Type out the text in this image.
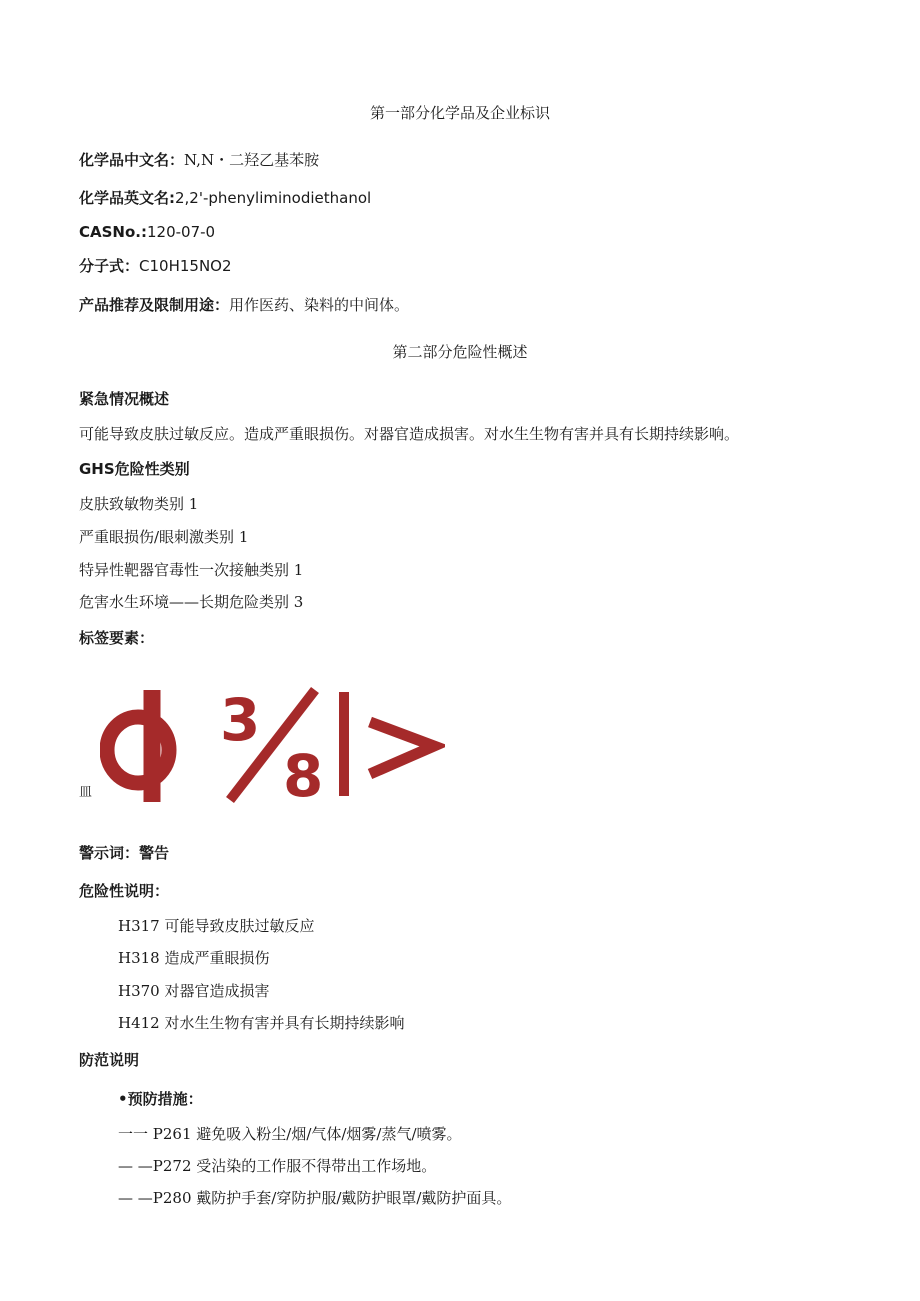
第一部分化学品及企业标识
化学品中文名：N,N・二羟乙基苯胺
化学品英文名:2,2'-phenyliminodiethanol
CASNo.:120-07-0
分子式：C10H15NO2
产品推荐及限制用途：用作医药、染料的中间体。
第二部分危险性概述
紧急情况概述
可能导致皮肤过敏反应。造成严重眼损伤。对器官造成损害。对水生生物有害并具有长期持续影响。
GHS危险性类别
皮肤致敏物类别 1
严重眼损伤/眼刺激类别 1
特异性靶器官毒性一次接触类别 1
危害水生环境——长期危险类别 3
标签要素：
皿
3
8
警示词：警告
危险性说明：
H317 可能导致皮肤过敏反应
H318 造成严重眼损伤
H370 对器官造成损害
H412 对水生生物有害并具有长期持续影响
防范说明
•预防措施：
一一 P261 避免吸入粉尘/烟/气体/烟雾/蒸气/喷雾。
— —P272 受沾染的工作服不得带出工作场地。
— —P280 戴防护手套/穿防护服/戴防护眼罩/戴防护面具。
